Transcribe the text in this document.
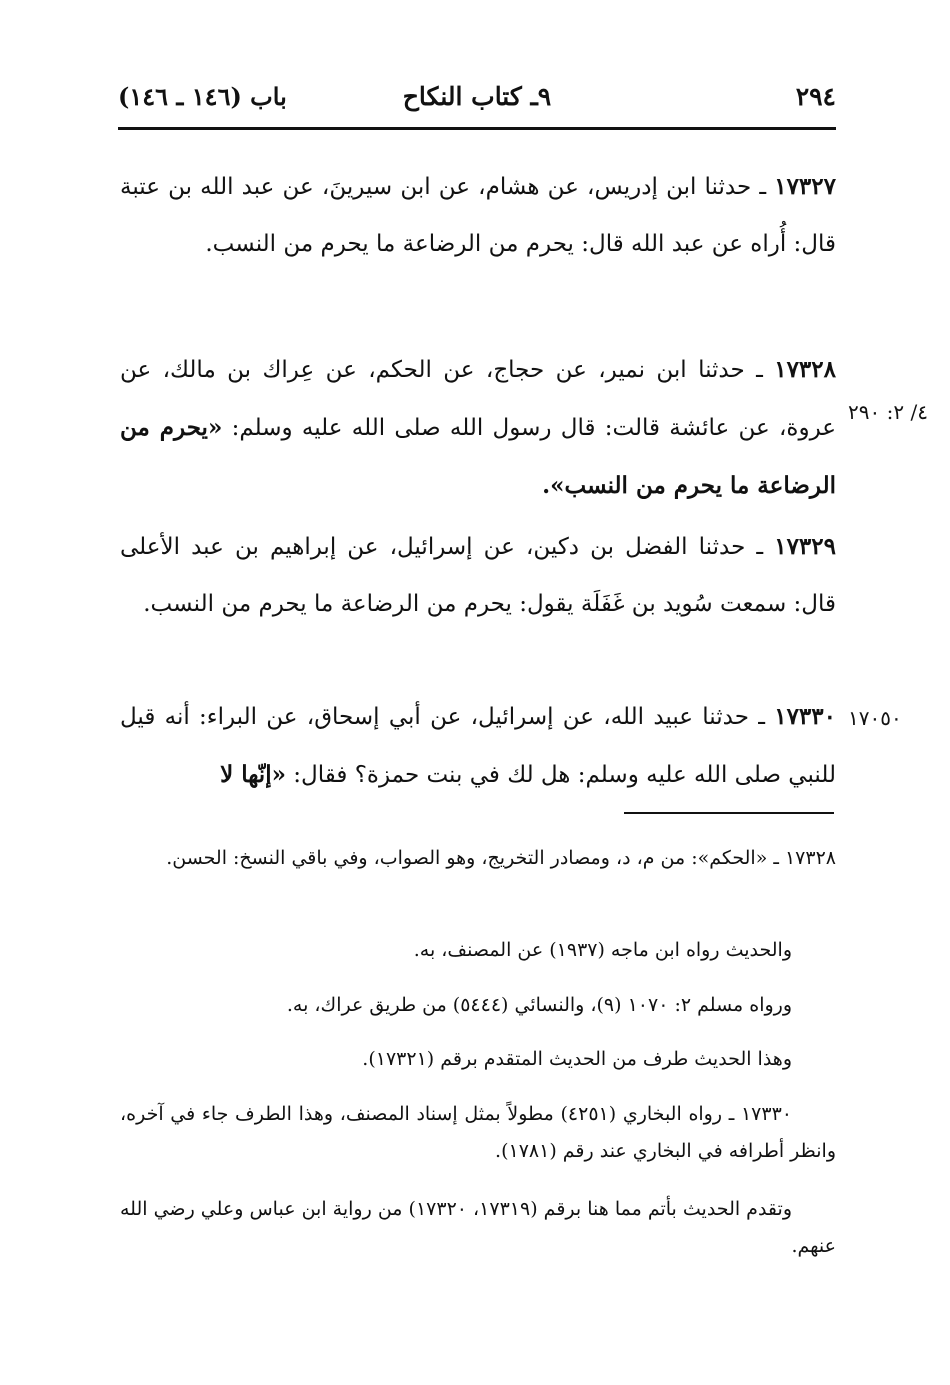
٢٩٤
٩ـ كتاب النكاح
باب (١٤٦ ـ ١٤٦)
١٧٣٢٧ ـ حدثنا ابن إدريس، عن هشام، عن ابن سيرينَ، عن عبد الله بن عتبة قال: أُراه عن عبد الله قال: يحرم من الرضاعة ما يحرم من النسب.
١٧٣٢٨ ـ حدثنا ابن نمير، عن حجاج، عن الحكم، عن عِراك بن مالك، عن عروة، عن عائشة قالت: قال رسول الله صلى الله عليه وسلم: «يحرم من الرضاعة ما يحرم من النسب».
٤/ ٢: ٢٩٠
١٧٣٢٩ ـ حدثنا الفضل بن دكين، عن إسرائيل، عن إبراهيم بن عبد الأعلى قال: سمعت سُويد بن غَفَلَة يقول: يحرم من الرضاعة ما يحرم من النسب.
١٧٣٣٠ ـ حدثنا عبيد الله، عن إسرائيل، عن أبي إسحاق، عن البراء: أنه قيل للنبي صلى الله عليه وسلم: هل لك في بنت حمزة؟ فقال: «إنّها لا
١٧٠٥٠
١٧٣٢٨ ـ «الحكم»: من م، د، ومصادر التخريج، وهو الصواب، وفي باقي النسخ: الحسن.
والحديث رواه ابن ماجه (١٩٣٧) عن المصنف، به.
ورواه مسلم ٢: ١٠٧٠ (٩)، والنسائي (٥٤٤٤) من طريق عراك، به.
وهذا الحديث طرف من الحديث المتقدم برقم (١٧٣٢١).
١٧٣٣٠ ـ رواه البخاري (٤٢٥١) مطولاً بمثل إسناد المصنف، وهذا الطرف جاء في آخره، وانظر أطرافه في البخاري عند رقم (١٧٨١).
وتقدم الحديث بأتم مما هنا برقم (١٧٣١٩، ١٧٣٢٠) من رواية ابن عباس وعلي رضي الله عنهم.
